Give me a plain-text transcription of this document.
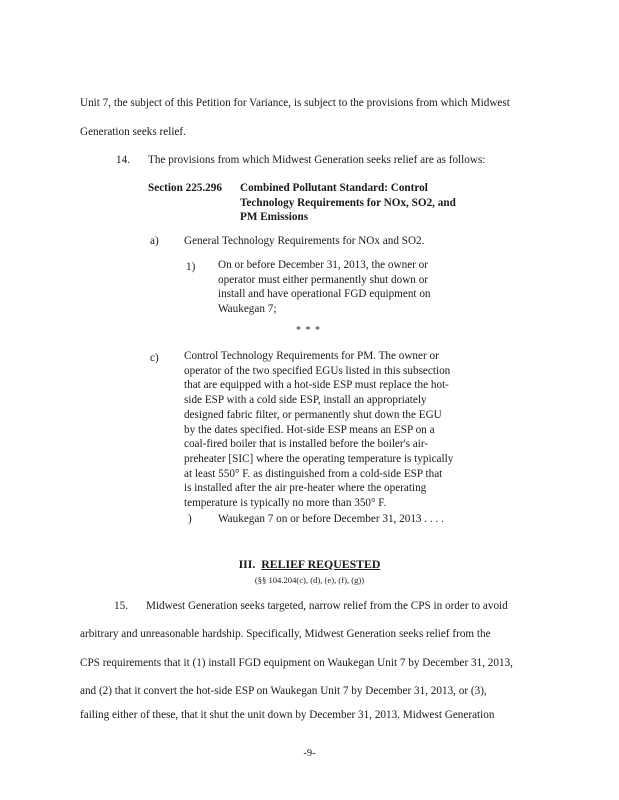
Unit 7, the subject of this Petition for Variance, is subject to the provisions from which Midwest
Generation seeks relief.
14. The provisions from which Midwest Generation seeks relief are as follows:
Section 225.296 Combined Pollutant Standard: Control Technology Requirements for NOx, SO2, and PM Emissions
a) General Technology Requirements for NOx and SO2.
1) On or before December 31, 2013, the owner or
operator must either permanently shut down or
install and have operational FGD equipment on
Waukegan 7;
* * *
c) Control Technology Requirements for PM. The owner or
operator of the two specified EGUs listed in this subsection
that are equipped with a hot-side ESP must replace the hot-
side ESP with a cold side ESP, install an appropriately
designed fabric filter, or permanently shut down the EGU
by the dates specified. Hot-side ESP means an ESP on a
coal-fired boiler that is installed before the boiler's air-
preheater [SIC] where the operating temperature is typically
at least 550° F. as distinguished from a cold-side ESP that
is installed after the air pre-heater where the operating
temperature is typically no more than 350° F.
) Waukegan 7 on or before December 31, 2013 . . . .
III. RELIEF REQUESTED
(§§ 104.204(c), (d), (e), (f), (g))
15. Midwest Generation seeks targeted, narrow relief from the CPS in order to avoid
arbitrary and unreasonable hardship. Specifically, Midwest Generation seeks relief from the
CPS requirements that it (1) install FGD equipment on Waukegan Unit 7 by December 31, 2013,
and (2) that it convert the hot-side ESP on Waukegan Unit 7 by December 31, 2013, or (3),
failing either of these, that it shut the unit down by December 31, 2013. Midwest Generation
-9-
